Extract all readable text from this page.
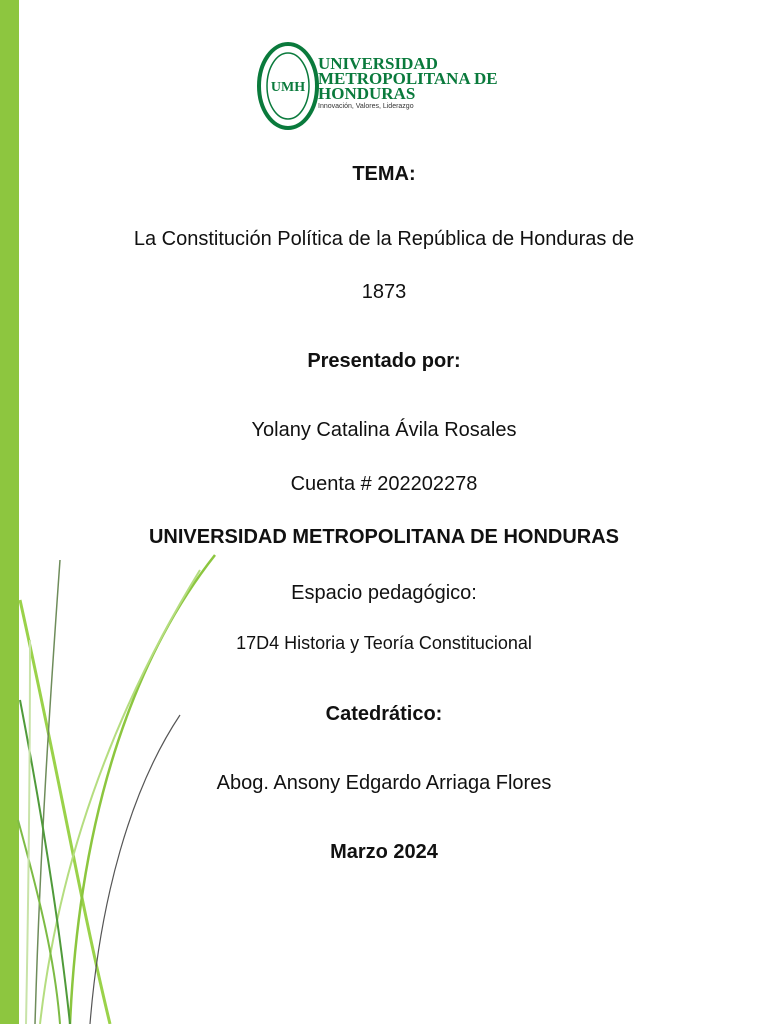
UMH
UNIVERSIDAD
METROPOLITANA DE
HONDURAS
Innovación, Valores, Liderazgo
TEMA:
La Constitución Política de la República de Honduras de
1873
Presentado por:
Yolany Catalina Ávila Rosales
Cuenta # 202202278
UNIVERSIDAD METROPOLITANA DE HONDURAS
Espacio pedagógico:
17D4 Historia y Teoría Constitucional
Catedrático:
Abog. Ansony Edgardo Arriaga Flores
Marzo 2024
